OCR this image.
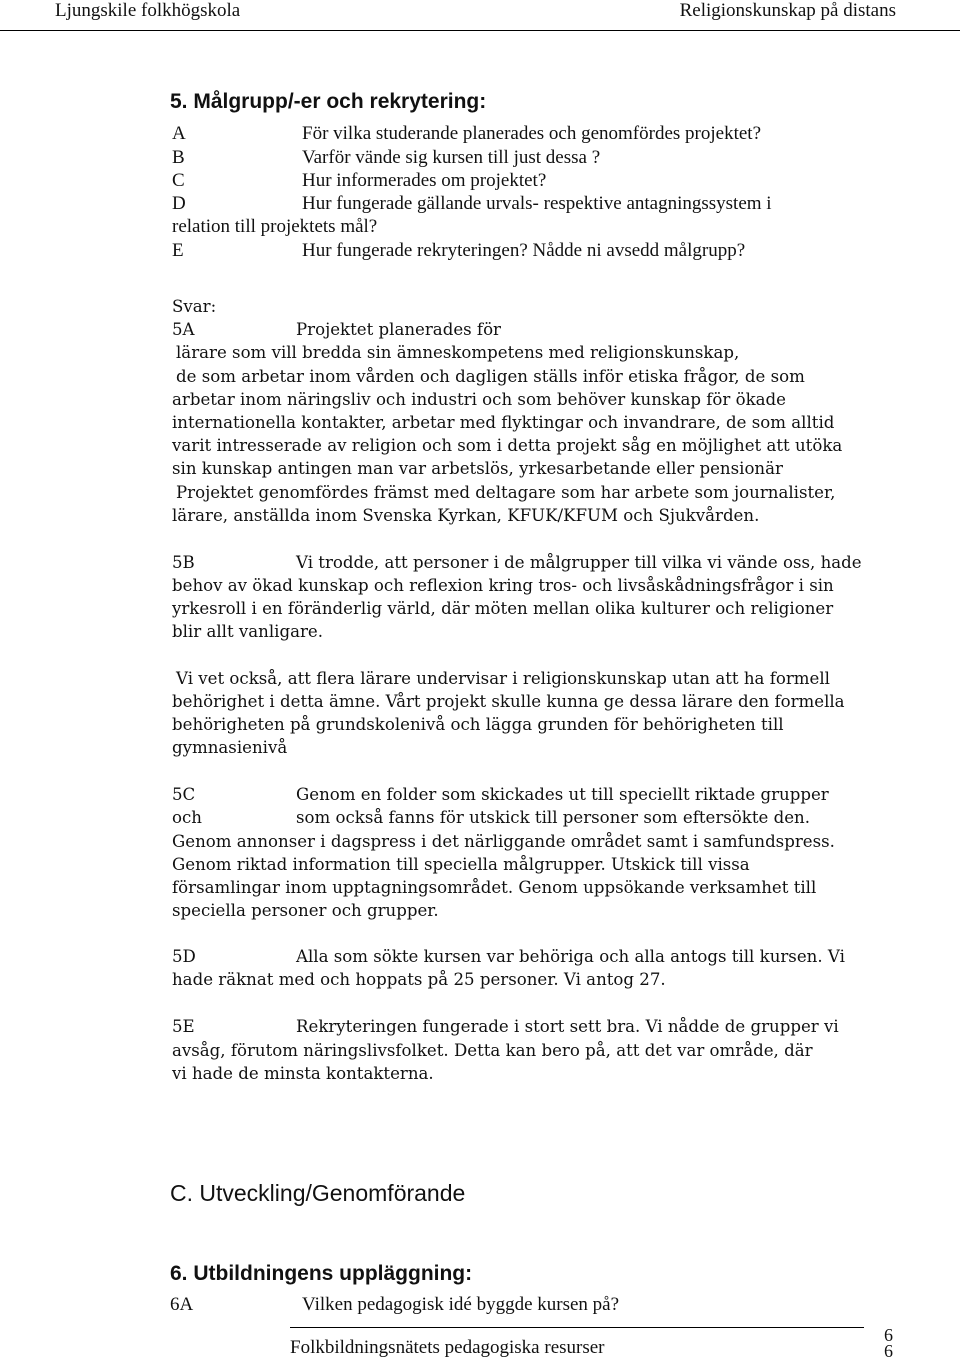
Ljungskile folkhögskola	Religionskunskap på distans
5. Målgrupp/-er och rekrytering:
A	För vilka studerande planerades och genomfördes projektet?
B	Varför vände sig kursen till just dessa ?
C	Hur informerades om projektet?
D	Hur fungerade gällande urvals- respektive antagningssystem i
relation till projektets mål?
E	Hur fungerade rekryteringen? Nådde ni avsedd målgrupp?
Svar:
5A	Projektet planerades för
lärare som vill bredda sin ämneskompetens med religionskunskap,
de som arbetar inom vården och dagligen ställs inför etiska frågor, de som
arbetar inom näringsliv och industri och som behöver kunskap för ökade
internationella kontakter, arbetar med flyktingar och invandrare, de som alltid
varit intresserade av religion och som i detta projekt såg en möjlighet att utöka
sin kunskap antingen man var arbetslös, yrkesarbetande eller pensionär
Projektet genomfördes främst med deltagare som har arbete som journalister,
lärare, anställda inom Svenska Kyrkan, KFUK/KFUM och Sjukvården.
5B	Vi trodde, att personer i de målgrupper till vilka vi vände oss, hade
behov av ökad kunskap och reflexion kring tros- och livsåskådningsfrågor i sin
yrkesroll i en föränderlig värld, där möten mellan olika kulturer och religioner
blir allt vanligare.
Vi vet också, att flera lärare undervisar i religionskunskap utan att ha formell
behörighet i detta ämne. Vårt projekt skulle kunna ge dessa lärare den formella
behörigheten på grundskolenivå och lägga grunden för behörigheten till
gymnasienivå
5C	Genom en folder som skickades ut till speciellt riktade grupper
och	som också fanns för utskick till personer som eftersökte den.
Genom annonser i dagspress i det närliggande området samt i samfundspress.
Genom riktad information till speciella målgrupper. Utskick till vissa
församlingar inom upptagningsområdet. Genom uppsökande verksamhet till
speciella personer och grupper.
5D	Alla som sökte kursen var behöriga och alla antogs till kursen. Vi
hade räknat med och hoppats på 25 personer. Vi antog 27.
5E	Rekryteringen fungerade i stort sett bra. Vi nådde de grupper vi
avsåg, förutom näringslivsfolket. Detta kan bero på, att det var område, där
vi hade de minsta kontakterna.
C. Utveckling/Genomförande
6. Utbildningens uppläggning:
6A	Vilken pedagogisk idé byggde kursen på?
Folkbildningsnätets pedagogiska resurser
6
6
